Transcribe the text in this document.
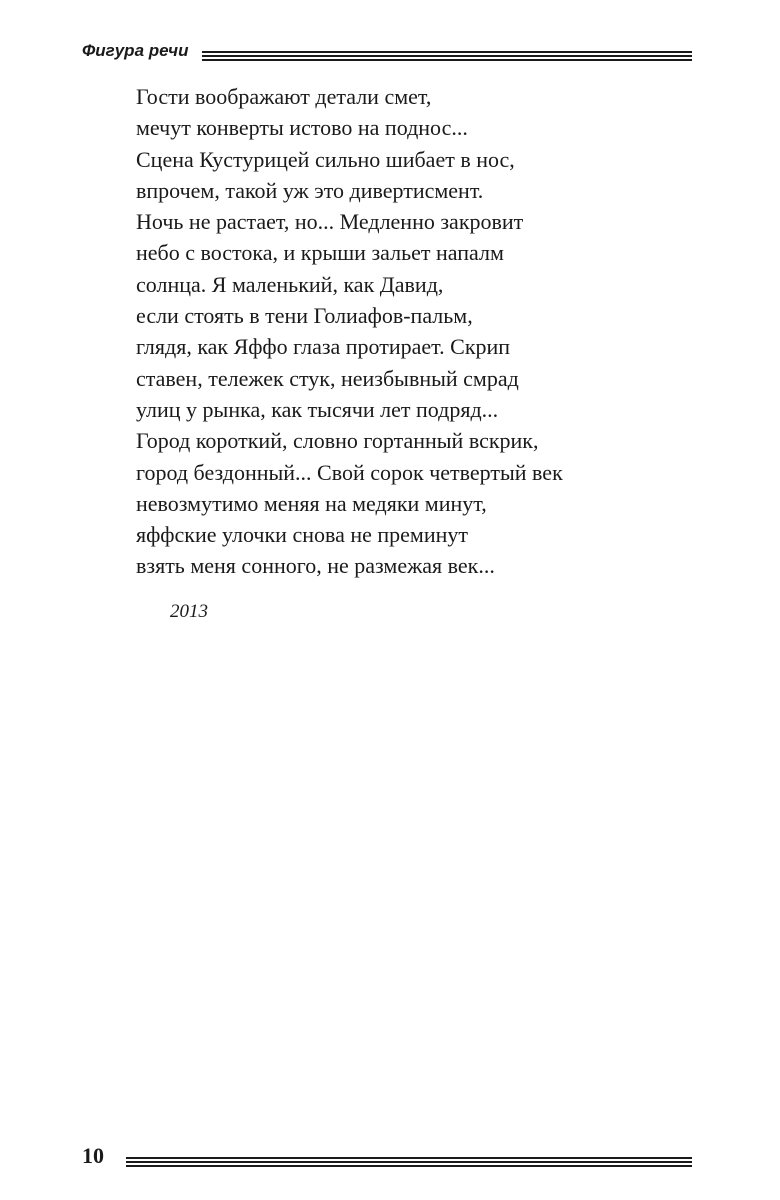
Фигура речи
Гости воображают детали смет,
мечут конверты истово на поднос...
Сцена Кустурицей сильно шибает в нос,
впрочем, такой уж это дивертисмент.
Ночь не растает, но... Медленно закровит
небо с востока, и крыши зальет напалм
солнца. Я маленький, как Давид,
если стоять в тени Голиафов-пальм,
глядя, как Яффо глаза протирает. Скрип
ставен, тележек стук, неизбывный смрад
улиц у рынка, как тысячи лет подряд...
Город короткий, словно гортанный вскрик,
город бездонный... Свой сорок четвертый век
невозмутимо меняя на медяки минут,
яффские улочки снова не преминут
взять меня сонного, не размежая век...
2013
10
